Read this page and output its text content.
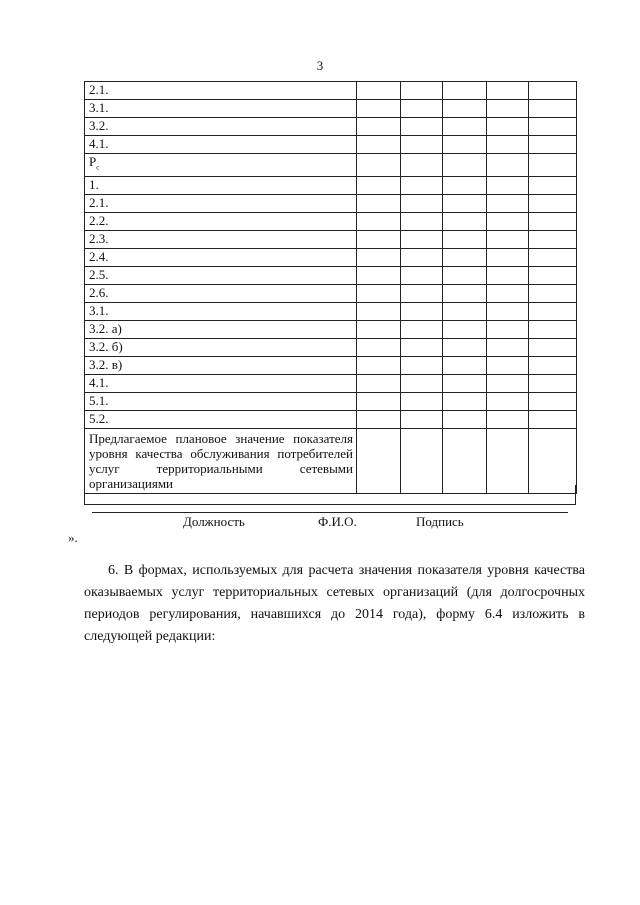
3
2.1.					
3.1.					
3.2.					
4.1.					
$P_с$					
1.					
2.1.					
2.2.					
2.3.					
2.4.					
2.5.					
2.6.					
3.1.					
3.2. а)					
3.2. б)					
3.2. в)					
4.1.					
5.1.					
5.2.					
Предлагаемое плановое значение показателя уровня качества обслуживания потребителей услуг территориальными сетевыми организациями					
Должность	Ф.И.О.	Подпись
».
6. В формах, используемых для расчета значения показателя уровня качества оказываемых услуг территориальных сетевых организаций (для долгосрочных периодов регулирования, начавшихся до 2014 года), форму 6.4 изложить в следующей редакции:
